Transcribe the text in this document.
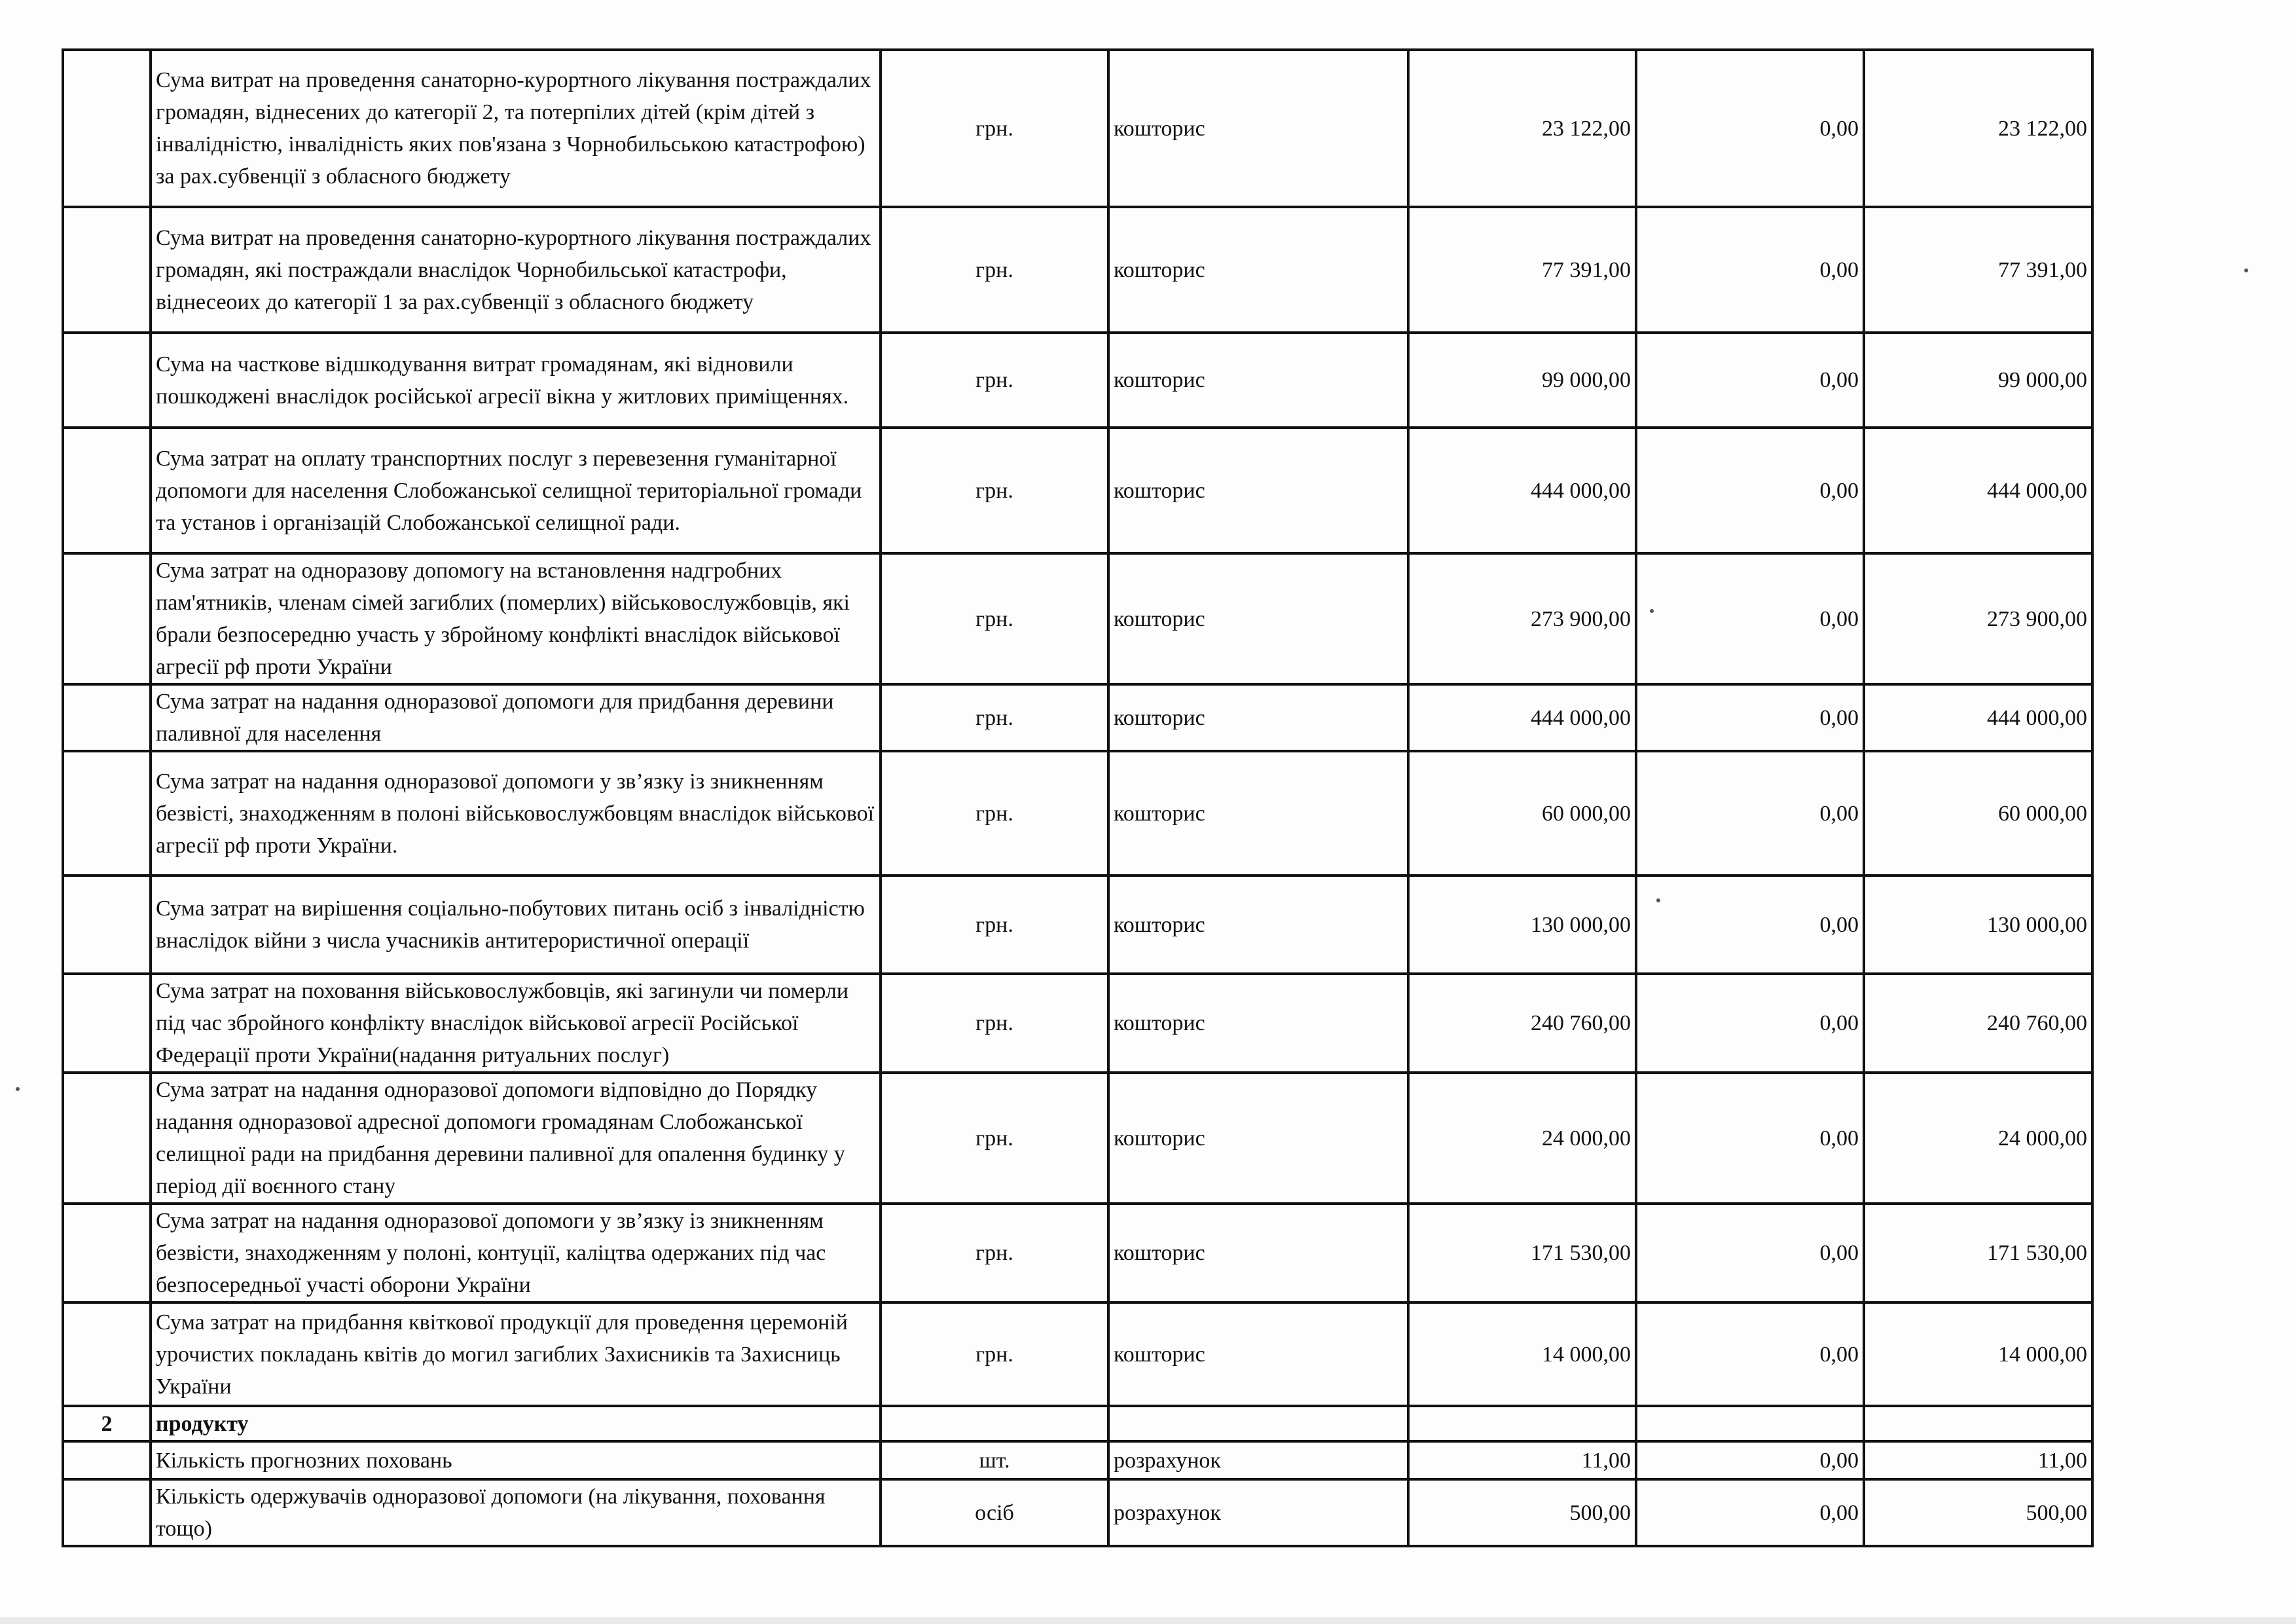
	Сума витрат на проведення санаторно-курортного лікування постраждалих громадян, віднесених до категорії 2, та потерпілих дітей (крім дітей з інвалідністю, інвалідність яких пов'язана з Чорнобильською катастрофою) за рах.субвенції з обласного бюджету	грн.	кошторис	23 122,00	0,00	23 122,00
	Сума витрат на проведення санаторно-курортного лікування постраждалих громадян, які постраждали внаслідок Чорнобильської катастрофи, віднесеоих до категорії 1 за рах.субвенції з обласного бюджету	грн.	кошторис	77 391,00	0,00	77 391,00
	Сума на часткове відшкодування витрат громадянам, які відновили пошкоджені внаслідок російської агресії вікна у житлових приміщеннях.	грн.	кошторис	99 000,00	0,00	99 000,00
	Сума затрат на оплату транспортних послуг з перевезення гуманітарної допомоги для населення Слобожанської селищної територіальної громади та установ і організацій Слобожанської селищної ради.	грн.	кошторис	444 000,00	0,00	444 000,00
	Сума затрат на одноразову допомогу на встановлення надгробних пам'ятників, членам сімей загиблих (померлих) військовослужбовців, які брали безпосередню участь у збройному конфлікті внаслідок військової агресії рф проти України	грн.	кошторис	273 900,00	0,00	273 900,00
	Сума затрат на надання одноразової допомоги для придбання деревини паливної для населення	грн.	кошторис	444 000,00	0,00	444 000,00
	Сума затрат на надання одноразової допомоги у зв’язку із зникненням безвісті, знаходженням в полоні військовослужбовцям внаслідок військової агресії рф проти України.	грн.	кошторис	60 000,00	0,00	60 000,00
	Сума затрат на вирішення соціально-побутових питань осіб з інвалідністю внаслідок війни з числа учасників антитерористичної операції	грн.	кошторис	130 000,00	0,00	130 000,00
	Сума затрат на поховання військовослужбовців, які загинули чи померли під час збройного конфлікту внаслідок військової агресії Російської Федерації проти України(надання ритуальних послуг)	грн.	кошторис	240 760,00	0,00	240 760,00
	Сума затрат на надання одноразової допомоги відповідно до Порядку надання одноразової адресної допомоги громадянам Слобожанської селищної ради на придбання деревини паливної для опалення будинку у період дії воєнного стану	грн.	кошторис	24 000,00	0,00	24 000,00
	Сума затрат на надання одноразової допомоги у зв’язку із зникненням безвісти, знаходженням у полоні, контуції, каліцтва одержаних під час безпосередньої участі оборони України	грн.	кошторис	171 530,00	0,00	171 530,00
	Сума затрат на придбання квіткової продукції для проведення церемоній урочистих покладань квітів до могил загиблих Захисників та Захисниць України	грн.	кошторис	14 000,00	0,00	14 000,00
2	продукту					
	Кількість прогнозних поховань	шт.	розрахунок	11,00	0,00	11,00
	Кількість одержувачів одноразової допомоги (на лікування, поховання тощо)	осіб	розрахунок	500,00	0,00	500,00
